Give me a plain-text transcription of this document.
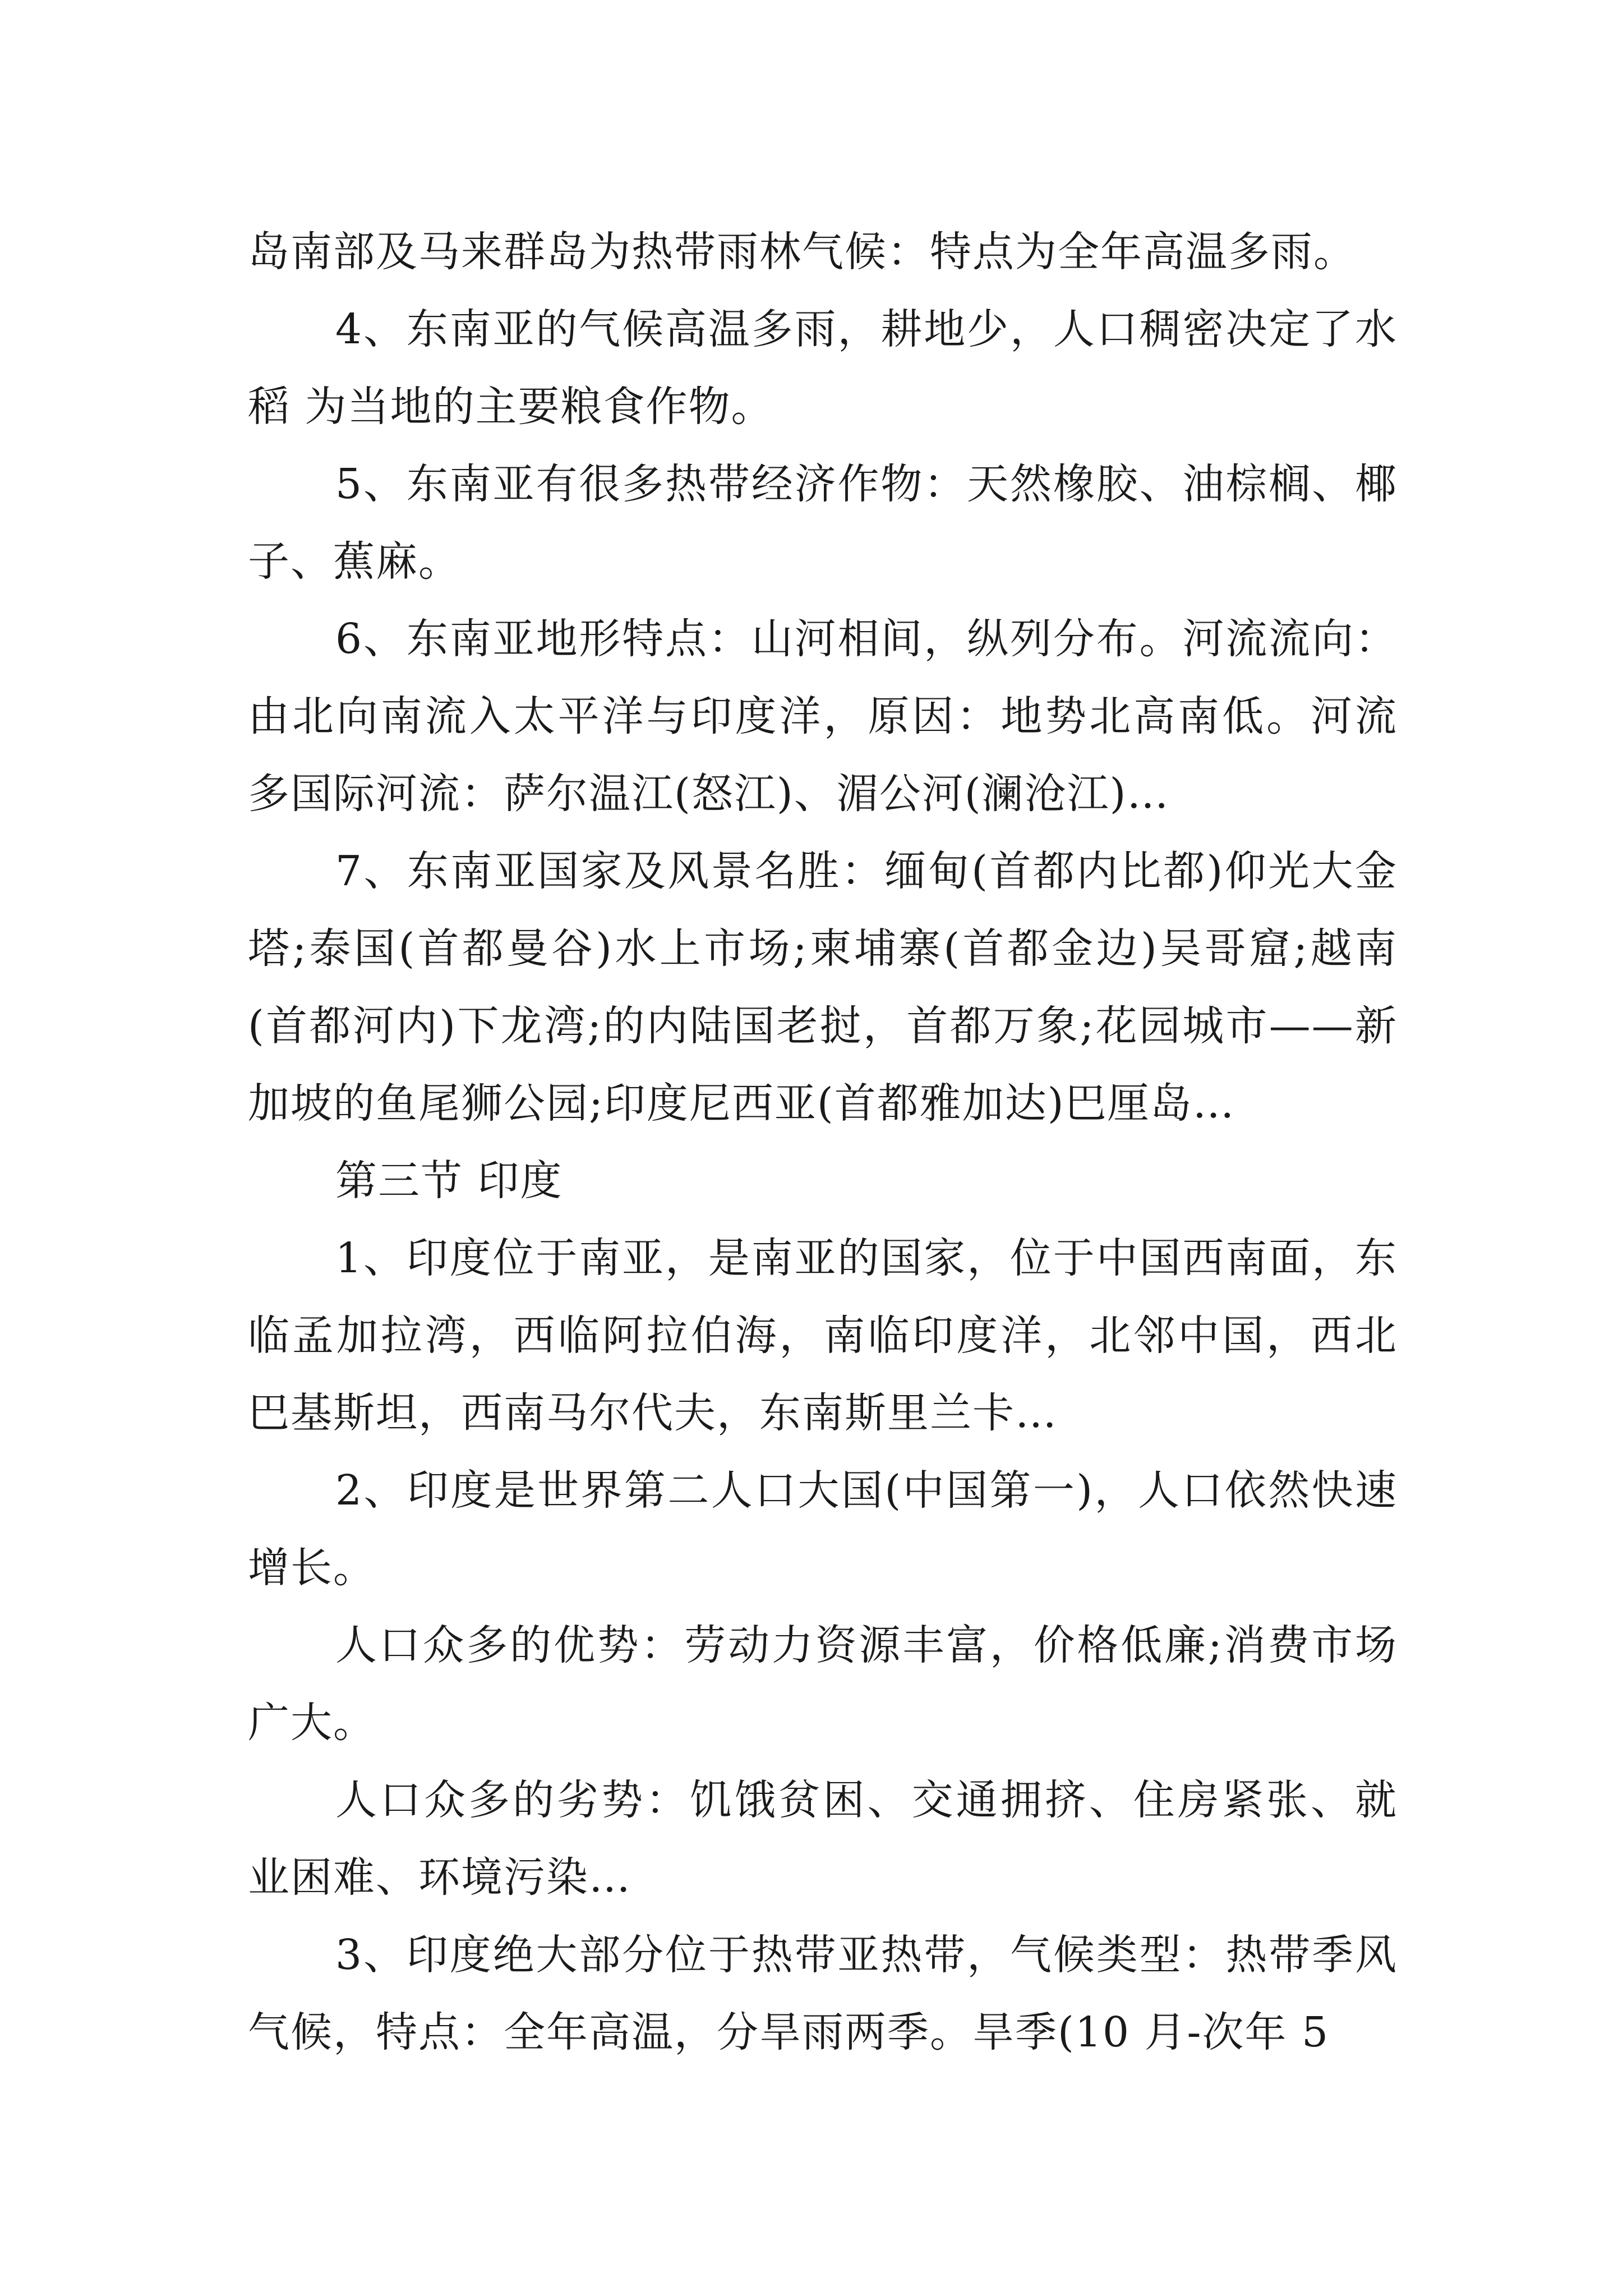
岛南部及马来群岛为热带雨林气候：特点为全年高温多雨。

4、东南亚的气候高温多雨，耕地少，人口稠密决定了水稻 为当地的主要粮食作物。

5、东南亚有很多热带经济作物：天然橡胶、油棕榈、椰子、蕉麻。

6、东南亚地形特点：山河相间，纵列分布。河流流向：由北向南流入太平洋与印度洋，原因：地势北高南低。河流多国际河流：萨尔温江(怒江)、湄公河(澜沧江)…

7、东南亚国家及风景名胜：缅甸(首都内比都)仰光大金塔;泰国(首都曼谷)水上市场;柬埔寨(首都金边)吴哥窟;越南(首都河内)下龙湾;的内陆国老挝，首都万象;花园城市——新加坡的鱼尾狮公园;印度尼西亚(首都雅加达)巴厘岛…

第三节 印度

1、印度位于南亚，是南亚的国家，位于中国西南面，东临孟加拉湾，西临阿拉伯海，南临印度洋，北邻中国，西北巴基斯坦，西南马尔代夫，东南斯里兰卡…

2、印度是世界第二人口大国(中国第一)，人口依然快速增长。

人口众多的优势：劳动力资源丰富，价格低廉;消费市场广大。

人口众多的劣势：饥饿贫困、交通拥挤、住房紧张、就业困难、环境污染…

3、印度绝大部分位于热带亚热带，气候类型：热带季风气候，特点：全年高温，分旱雨两季。旱季(10 月-次年 5
